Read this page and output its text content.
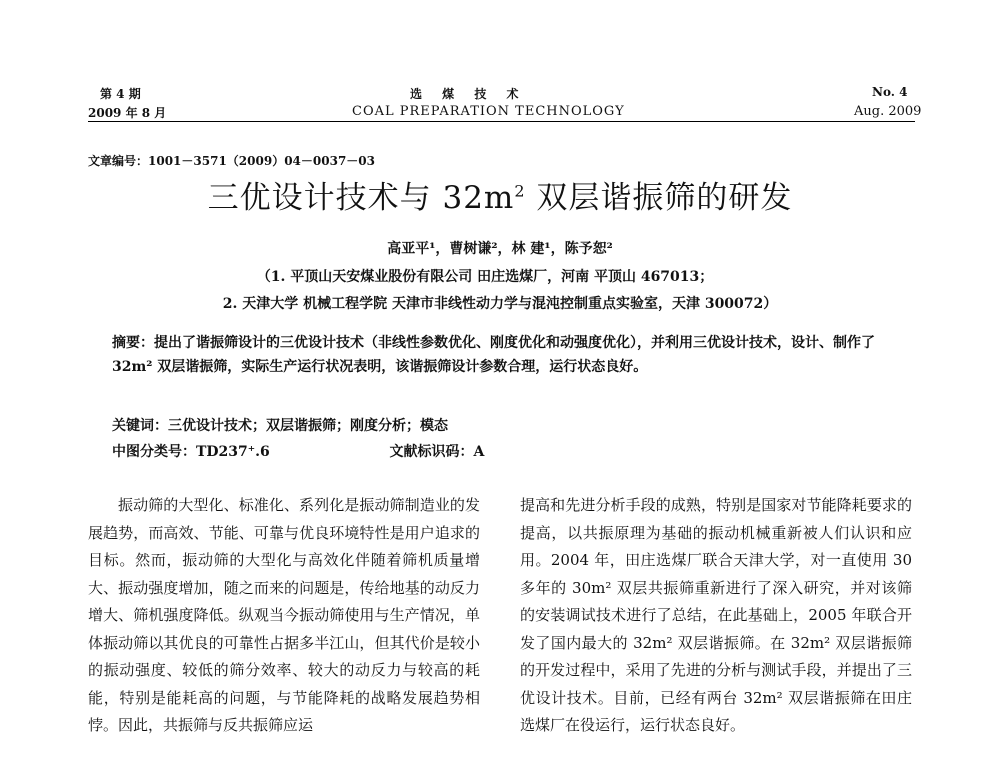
第 4 期
2009 年 8 月
选 煤 技 术
COAL PREPARATION TECHNOLOGY
No. 4
Aug. 2009
文章编号：1001－3571（2009）04－0037－03
三优设计技术与 $32m^2$ 双层谐振筛的研发
高亚平¹，曹树谦²，林 建¹，陈予恕²
（1. 平顶山天安煤业股份有限公司 田庄选煤厂，河南 平顶山 467013；
2. 天津大学 机械工程学院 天津市非线性动力学与混沌控制重点实验室，天津 300072）
摘要：提出了谐振筛设计的三优设计技术（非线性参数优化、刚度优化和动强度优化），并利用三优设计技术，设计、制作了32m² 双层谐振筛，实际生产运行状况表明，该谐振筛设计参数合理，运行状态良好。
关键词：三优设计技术；双层谐振筛；刚度分析；模态
中图分类号：TD237⁺.6	文献标识码：A

振动筛的大型化、标准化、系列化是振动筛制造业的发展趋势，而高效、节能、可靠与优良环境特性是用户追求的目标。然而，振动筛的大型化与高效化伴随着筛机质量增大、振动强度增加，随之而来的问题是，传给地基的动反力增大、筛机强度降低。纵观当今振动筛使用与生产情况，单体振动筛以其优良的可靠性占据多半江山，但其代价是较小的振动强度、较低的筛分效率、较大的动反力与较高的耗能，特别是能耗高的问题，与节能降耗的战略发展趋势相悖。因此，共振筛与反共振筛应运

提高和先进分析手段的成熟，特别是国家对节能降耗要求的提高，以共振原理为基础的振动机械重新被人们认识和应用。2004 年，田庄选煤厂联合天津大学，对一直使用 30 多年的 30m² 双层共振筛重新进行了深入研究，并对该筛的安装调试技术进行了总结，在此基础上，2005 年联合开发了国内最大的 32m² 双层谐振筛。在 32m² 双层谐振筛的开发过程中，采用了先进的分析与测试手段，并提出了三优设计技术。目前，已经有两台 32m² 双层谐振筛在田庄选煤厂在役运行，运行状态良好。
